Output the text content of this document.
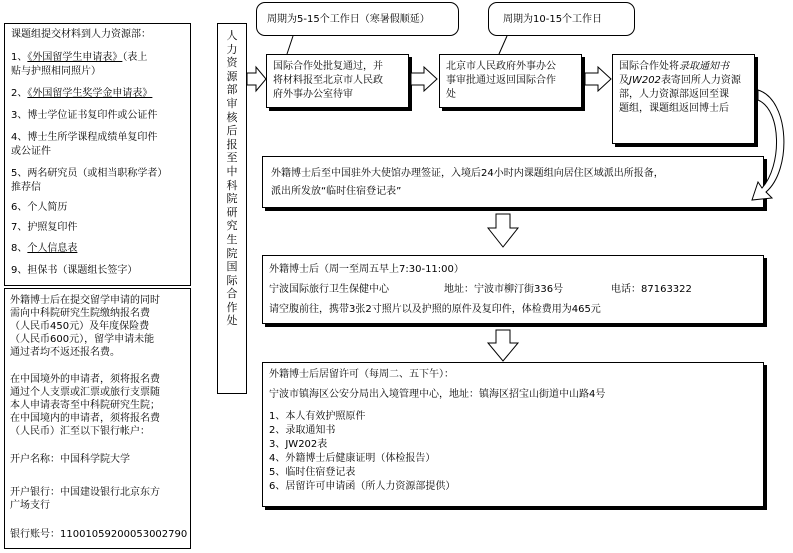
课题组提交材料到人力资源部：
1、《外国留学生申请表》（表上
贴与护照相同照片）
2、《外国留学生奖学金申请表》
3、博士学位证书复印件或公证件
4、博士生所学课程成绩单复印件
或公证件
5、两名研究员（或相当职称学者）
推荐信
6、个人简历
7、护照复印件
8、个人信息表
9、担保书（课题组长签字）
外籍博士后在提交留学申请的同时
需向中科院研究生院缴纳报名费
（人民币450元）及年度保险费
（人民币600元），留学申请未能
通过者均不返还报名费。
在中国境外的申请者，须将报名费
通过个人支票或汇票或旅行支票随
本人申请表寄至中科院研究生院；
在中国境内的申请者，须将报名费
（人民币）汇至以下银行帐户：
开户名称：中国科学院大学
开户银行：中国建设银行北京东方
广场支行
银行账号：11001059200053002790
人力资源部审核后报至中科院研究生院国际合作处
周期为5-15个工作日（寒暑假顺延）	周期为10-15个工作日
国际合作处批复通过，并
将材料报至北京市人民政
府外事办公室待审
北京市人民政府外事办公
事审批通过返回国际合作
处
国际合作处将录取通知书
及JW202表寄回所人力资源
部，人力资源部返回至课
题组，课题组返回博士后
外籍博士后至中国驻外大使馆办理签证，入境后24小时内课题组向居住区域派出所报备，
派出所发放“临时住宿登记表”
外籍博士后（周一至周五早上7:30-11:00）
宁波国际旅行卫生保健中心	地址：宁波市柳汀街336号	电话：87163322
请空腹前往，携带3张2寸照片以及护照的原件及复印件，体检费用为465元
外籍博士后居留许可（每周二、五下午）：
宁波市镇海区公安分局出入境管理中心，地址：镇海区招宝山街道中山路4号
1、本人有效护照原件
2、录取通知书
3、JW202表
4、外籍博士后健康证明（体检报告）
5、临时住宿登记表
6、居留许可申请函（所人力资源部提供）
